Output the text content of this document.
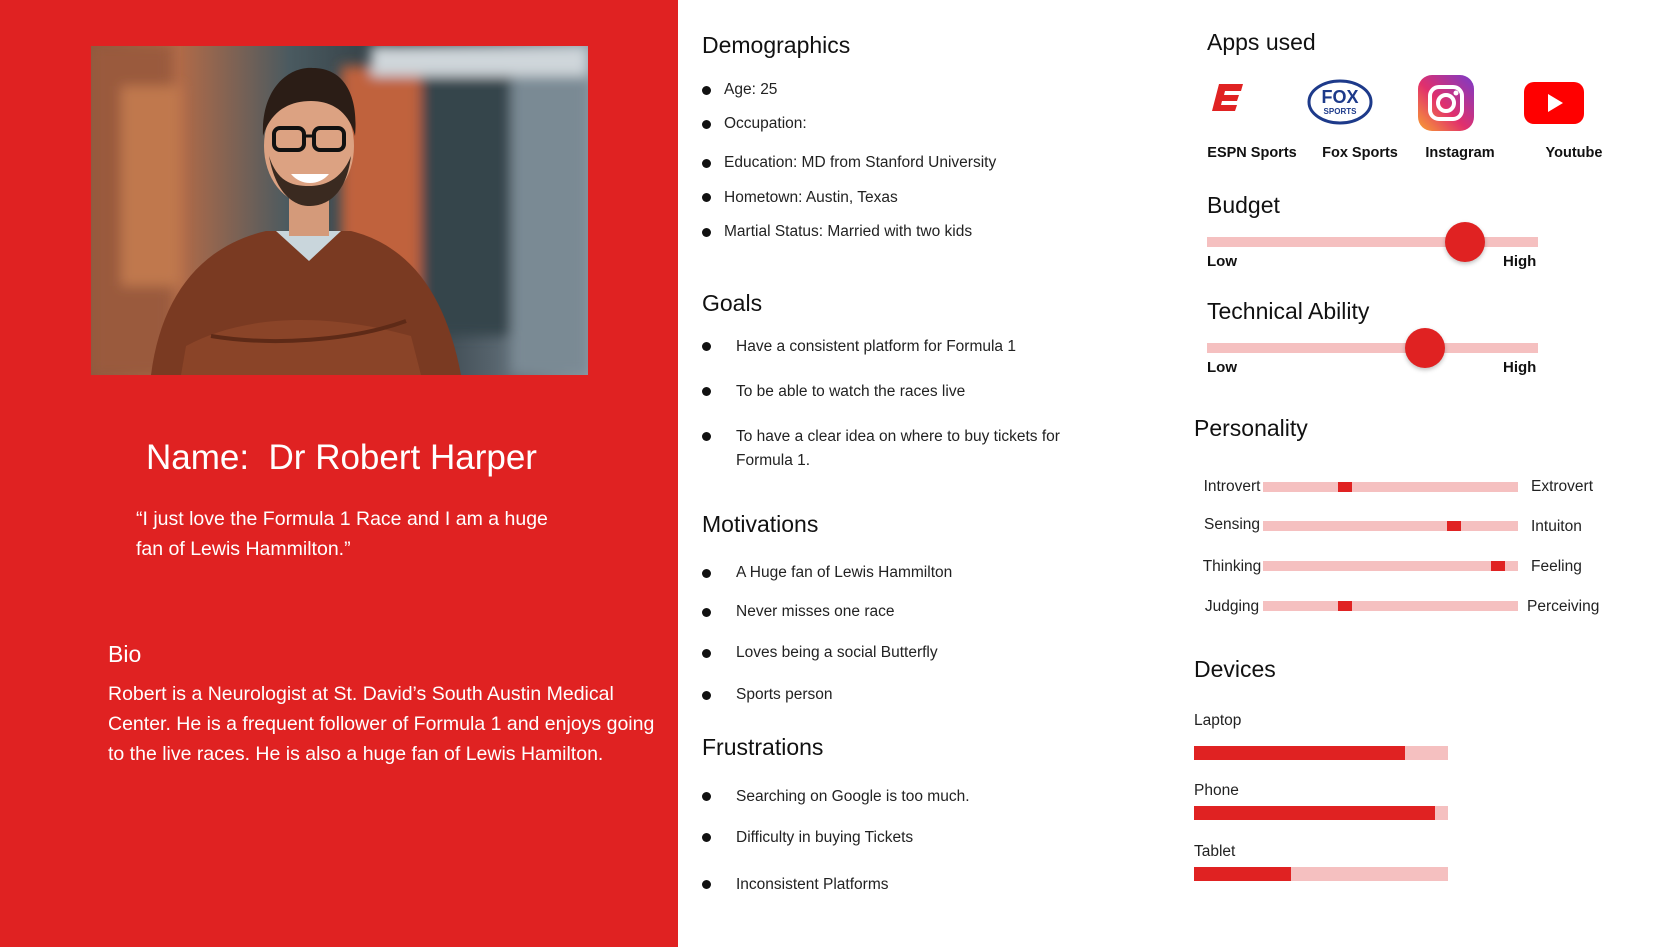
Name:  Dr Robert Harper
“I just love the Formula 1 Race and I am a huge fan of Lewis Hammilton.”
Bio
Robert is a Neurologist at St. David’s South Austin Medical Center. He is a frequent follower of Formula 1 and enjoys going to the live races. He is also a huge fan of Lewis Hamilton.
Demographics
Age: 25
Occupation:
Education: MD from Stanford University
Hometown: Austin, Texas
Martial Status: Married with two kids
Goals
Have a consistent platform for Formula 1
To be able to watch the races live
To have a clear idea on where to buy tickets for
Formula 1.
Motivations
A Huge fan of Lewis Hammilton
Never misses one race
Loves being a social Butterfly
Sports person
Frustrations
Searching on Google is too much.
Difficulty in buying Tickets
Inconsistent Platforms
Apps used
FOX
SPORTS
ESPN Sports	Fox Sports	Instagram	Youtube
Budget
Low	High
Technical Ability
Low	High
Personality
Introvert	Extrovert
Sensing	Intuiton
Thinking	Feeling
Judging	Perceiving
Devices
Laptop
Phone
Tablet
